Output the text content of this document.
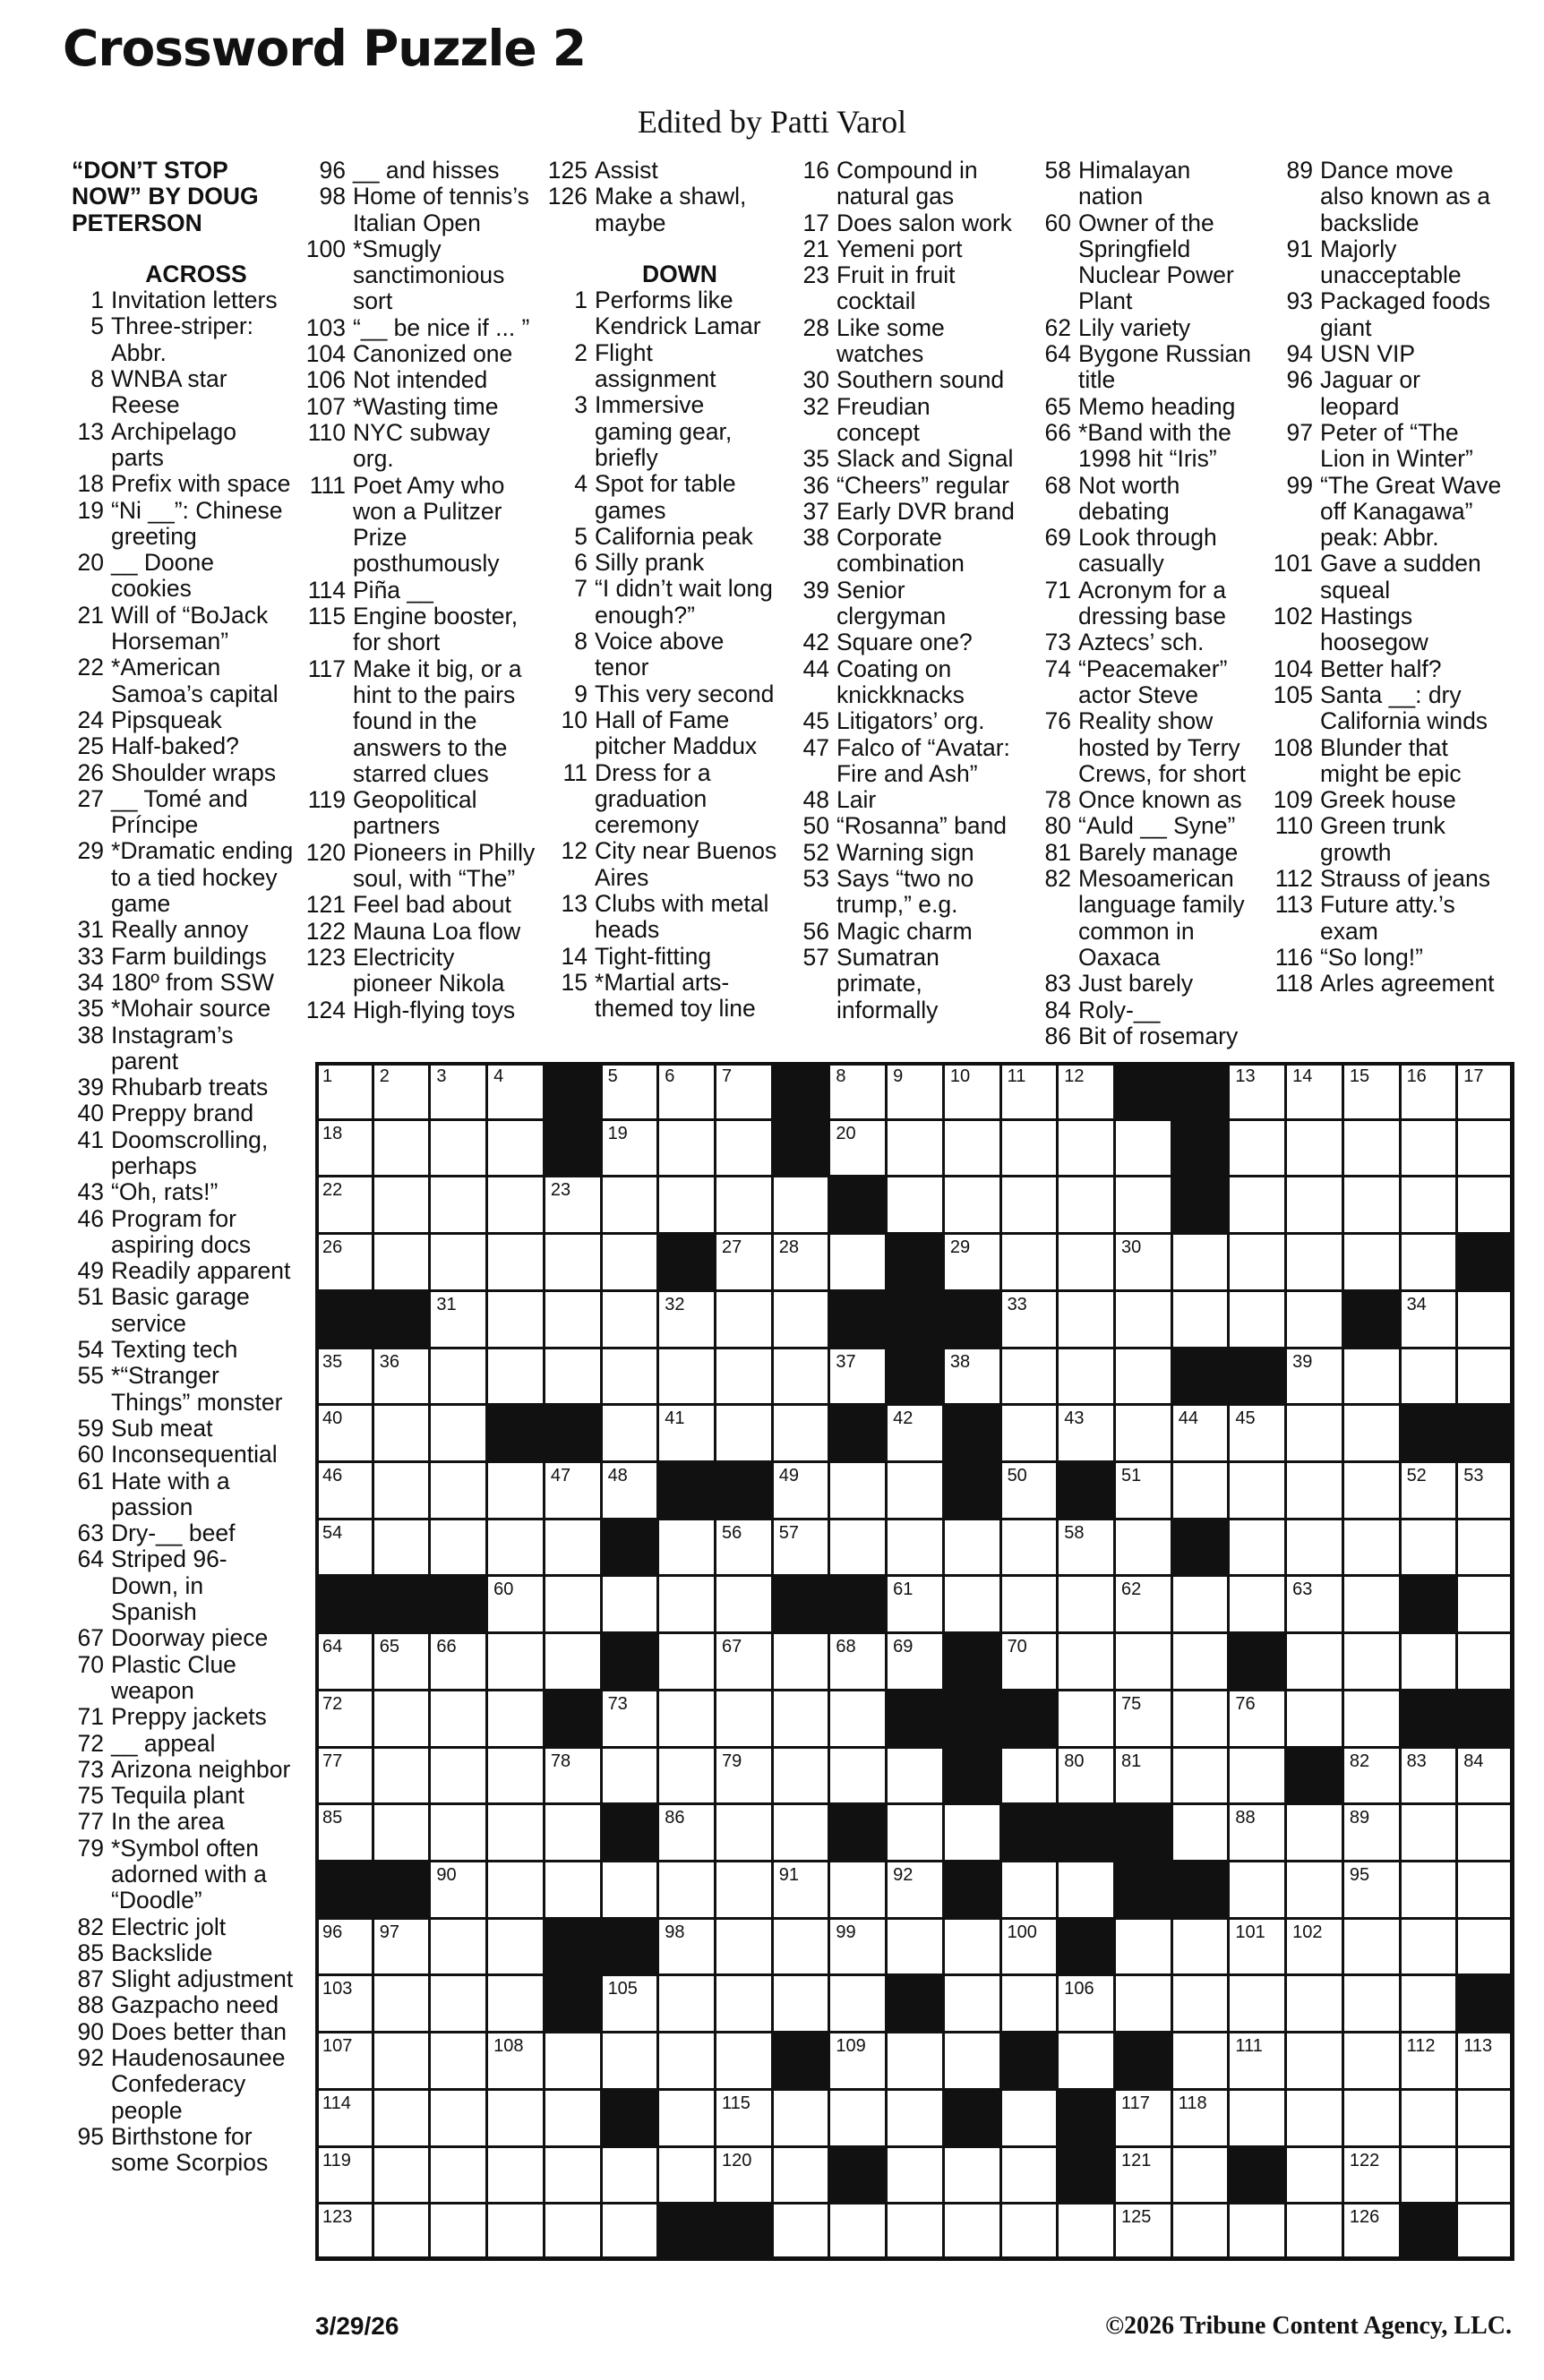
Crossword Puzzle 2
Edited by Patti Varol
“DON’T STOP NOW” BY DOUG PETERSON
ACROSS
1 Invitation letters
5 Three-striper: Abbr.
8 WNBA star Reese
13 Archipelago parts
18 Prefix with space
19 “Ni __”: Chinese greeting
20 __ Doone cookies
21 Will of “BoJack Horseman”
22 *American Samoa’s capital
24 Pipsqueak
25 Half-baked?
26 Shoulder wraps
27 __ Tomé and Príncipe
29 *Dramatic ending to a tied hockey game
31 Really annoy
33 Farm buildings
34 180º from SSW
35 *Mohair source
38 Instagram’s parent
39 Rhubarb treats
40 Preppy brand
41 Doomscrolling, perhaps
43 “Oh, rats!”
46 Program for aspiring docs
49 Readily apparent
51 Basic garage service
54 Texting tech
55 *“Stranger Things” monster
59 Sub meat
60 Inconsequential
61 Hate with a passion
63 Dry-__ beef
64 Striped 96-Down, in Spanish
67 Doorway piece
70 Plastic Clue weapon
71 Preppy jackets
72 __ appeal
73 Arizona neighbor
75 Tequila plant
77 In the area
79 *Symbol often adorned with a “Doodle”
82 Electric jolt
85 Backslide
87 Slight adjustment
88 Gazpacho need
90 Does better than
92 Haudenosaunee Confederacy people
95 Birthstone for some Scorpios
96 __ and hisses
98 Home of tennis’s Italian Open
100 *Smugly sanctimonious sort
103 “__ be nice if ... ”
104 Canonized one
106 Not intended
107 *Wasting time
110 NYC subway org.
111 Poet Amy who won a Pulitzer Prize posthumously
114 Piña __
115 Engine booster, for short
117 Make it big, or a hint to the pairs found in the answers to the starred clues
119 Geopolitical partners
120 Pioneers in Philly soul, with “The”
121 Feel bad about
122 Mauna Loa flow
123 Electricity pioneer Nikola
124 High-flying toys
125 Assist
126 Make a shawl, maybe
DOWN
1 Performs like Kendrick Lamar
2 Flight assignment
3 Immersive gaming gear, briefly
4 Spot for table games
5 California peak
6 Silly prank
7 “I didn’t wait long enough?”
8 Voice above tenor
9 This very second
10 Hall of Fame pitcher Maddux
11 Dress for a graduation ceremony
12 City near Buenos Aires
13 Clubs with metal heads
14 Tight-fitting
15 *Martial arts-themed toy line
16 Compound in natural gas
17 Does salon work
21 Yemeni port
23 Fruit in fruit cocktail
28 Like some watches
30 Southern sound
32 Freudian concept
35 Slack and Signal
36 “Cheers” regular
37 Early DVR brand
38 Corporate combination
39 Senior clergyman
42 Square one?
44 Coating on knickknacks
45 Litigators’ org.
47 Falco of “Avatar: Fire and Ash”
48 Lair
50 “Rosanna” band
52 Warning sign
53 Says “two no trump,” e.g.
56 Magic charm
57 Sumatran primate, informally
58 Himalayan nation
60 Owner of the Springfield Nuclear Power Plant
62 Lily variety
64 Bygone Russian title
65 Memo heading
66 *Band with the 1998 hit “Iris”
68 Not worth debating
69 Look through casually
71 Acronym for a dressing base
73 Aztecs’ sch.
74 “Peacemaker” actor Steve
76 Reality show hosted by Terry Crews, for short
78 Once known as
80 “Auld __ Syne”
81 Barely manage
82 Mesoamerican language family common in Oaxaca
83 Just barely
84 Roly-__
86 Bit of rosemary
89 Dance move also known as a backslide
91 Majorly unacceptable
93 Packaged foods giant
94 USN VIP
96 Jaguar or leopard
97 Peter of “The Lion in Winter”
99 “The Great Wave off Kanagawa” peak: Abbr.
101 Gave a sudden squeal
102 Hastings hoosegow
104 Better half?
105 Santa __: dry California winds
108 Blunder that might be epic
109 Greek house
110 Green trunk growth
112 Strauss of jeans
113 Future atty.’s exam
116 “So long!”
118 Arles agreement
1	2	3	4	5	6	7	8	9	10 11 12	13 14 15 16 17
18	19	20
22	23
26	27 28	29	30
31	32	33	34
35 36	37	38	39
40	41	42	43	44 45
46	47 48	49	50	51	52 53
54	56 57	58
60	61	62	63
64 65 66	67	68 69	70
72	73	75	76
77	78	79	80 81	82 83 84
85	86	88	89
90	91	92	95
96 97	98	99	100	101 102
103	105	106
107	108	109	111	112 113
114	115	117 118
119	120	121	122
123	125	126
3/29/26	©2026 Tribune Content Agency, LLC.
